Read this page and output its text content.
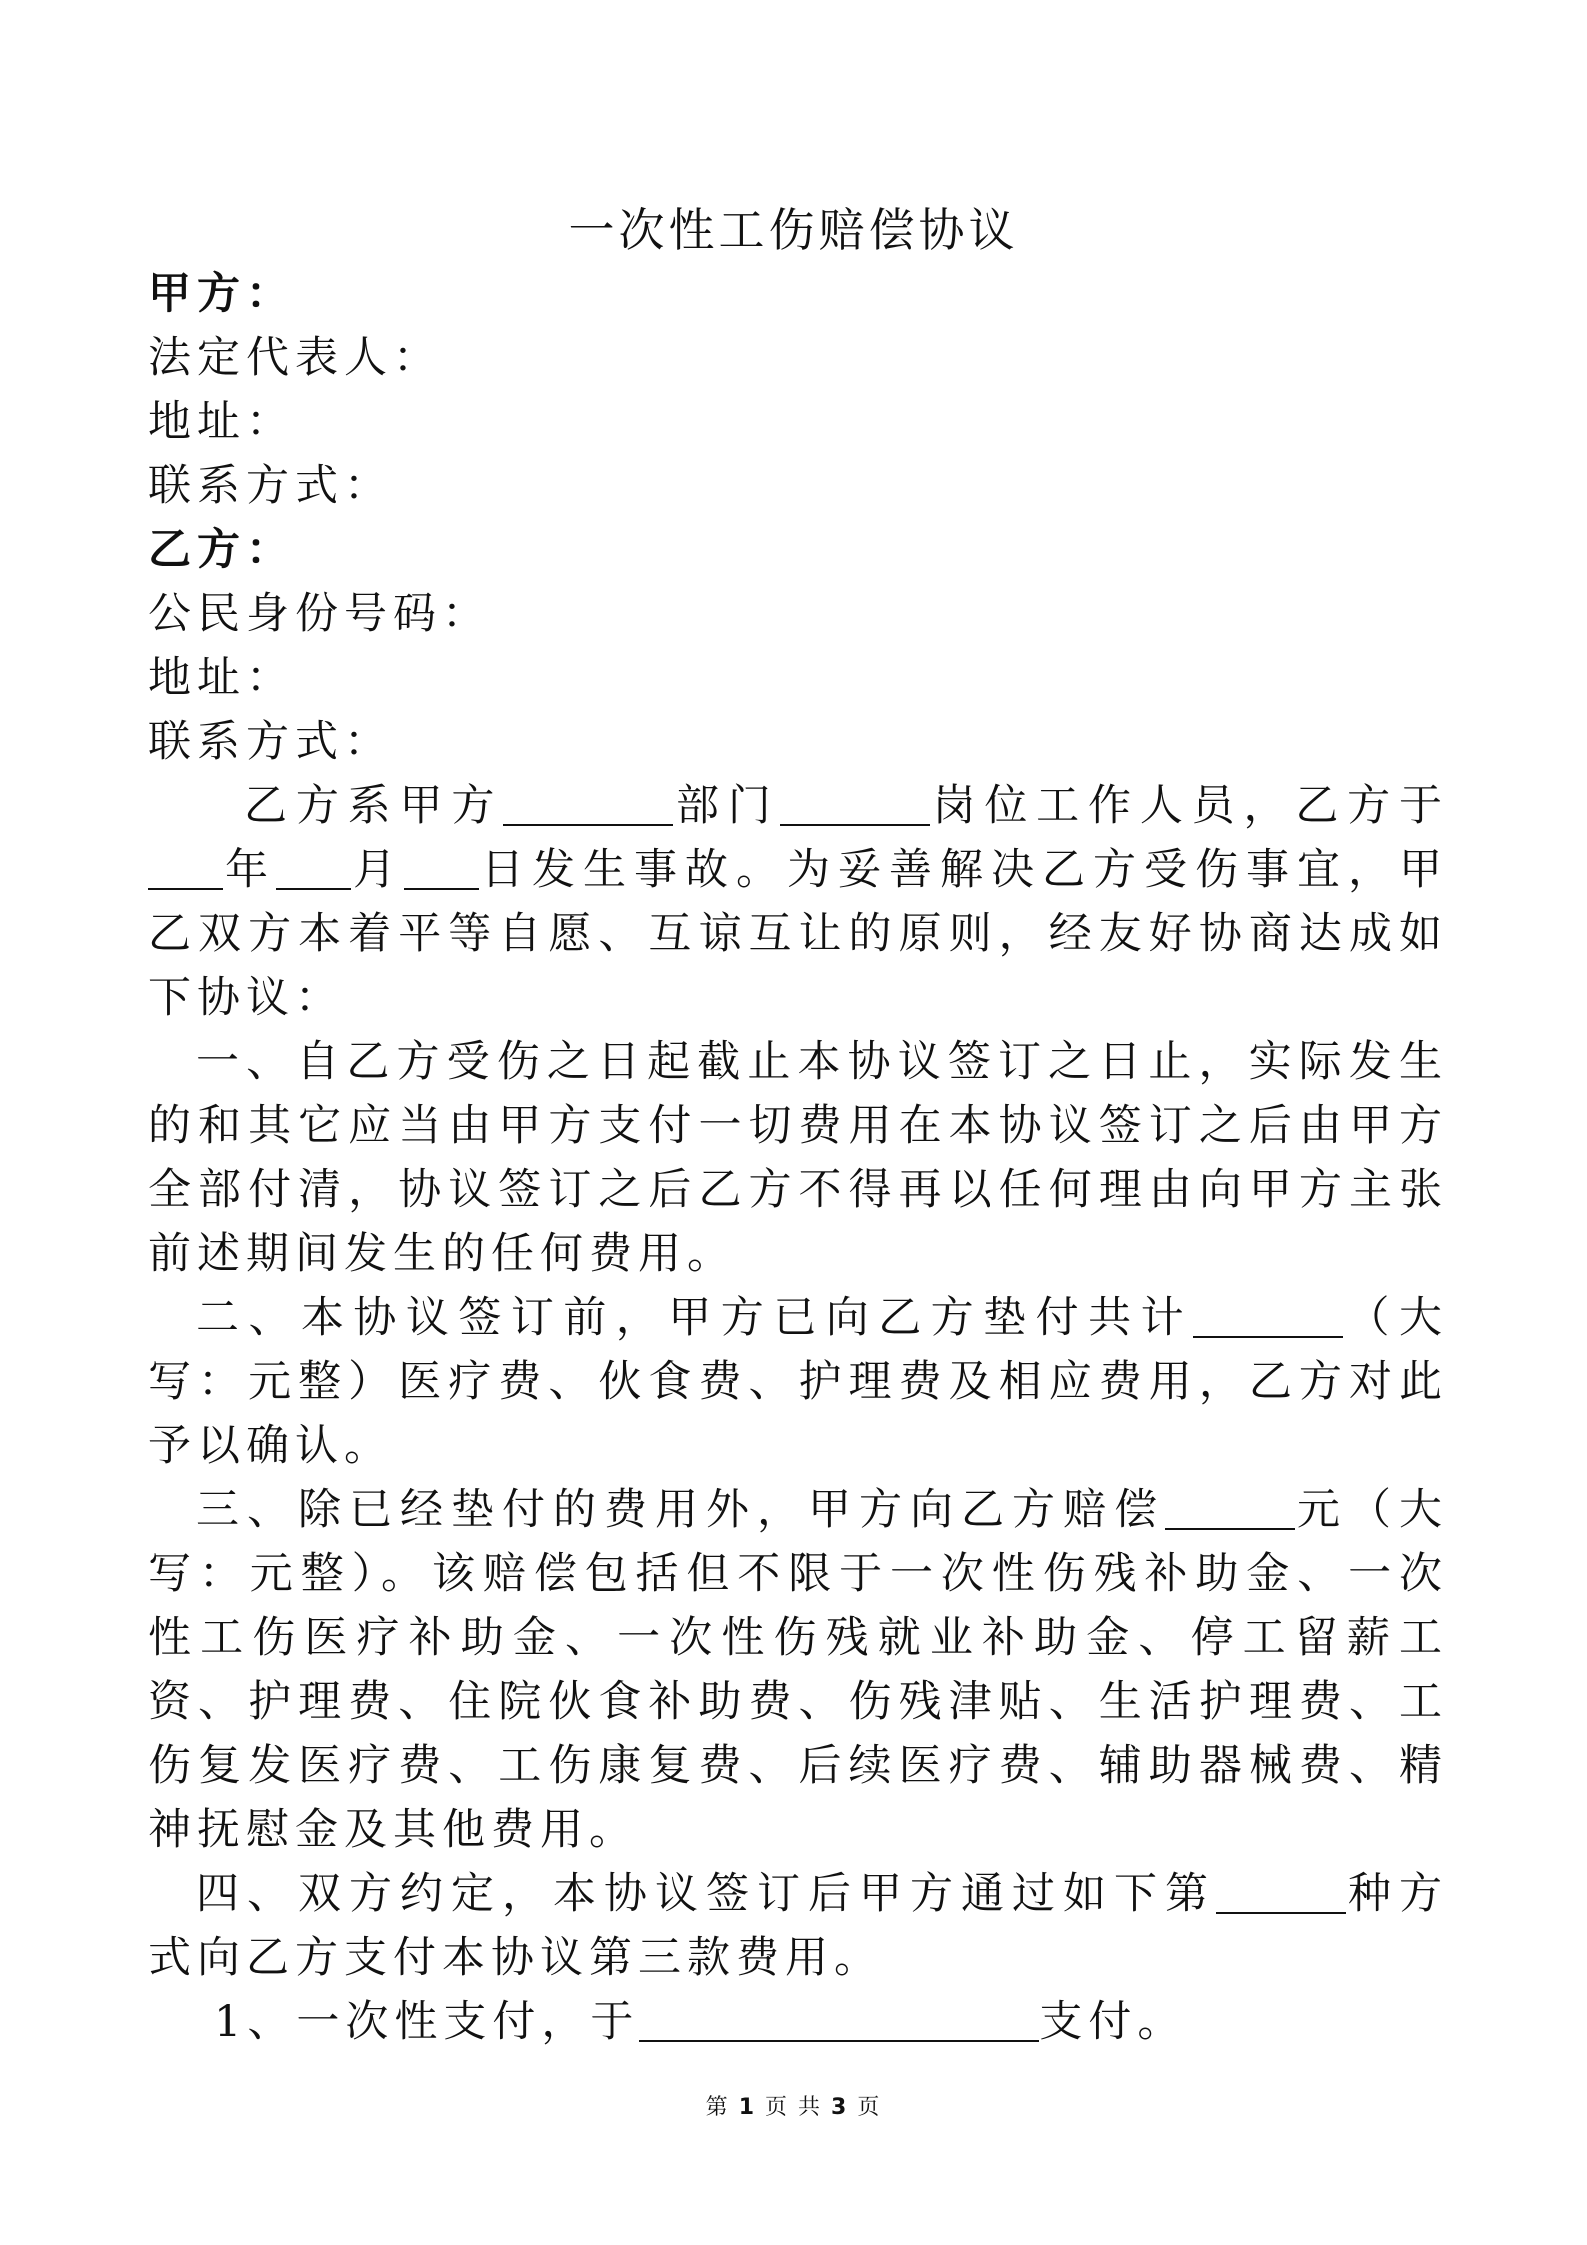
一次性工伤赔偿协议

甲方：

法定代表人：

地址：

联系方式：

乙方：

公民身份号码：

地址：

联系方式：

乙方系甲方	部门	岗位工作人员，乙方于年 月 日发生事故。为妥善解决乙方受伤事宜，甲乙双方本着平等自愿、互谅互让的原则，经友好协商达成如下协议：

一、自乙方受伤之日起截止本协议签订之日止，实际发生的和其它应当由甲方支付一切费用在本协议签订之后由甲方全部付清，协议签订之后乙方不得再以任何理由向甲方主张前述期间发生的任何费用。

二、本协议签订前，甲方已向乙方垫付共计	（大写：元整）医疗费、伙食费、护理费及相应费用，乙方对此予以确认。

三、除已经垫付的费用外，甲方向乙方赔偿	元（大写：元整）。该赔偿包括但不限于一次性伤残补助金、一次性工伤医疗补助金、一次性伤残就业补助金、停工留薪工资、护理费、住院伙食补助费、伤残津贴、生活护理费、工伤复发医疗费、工伤康复费、后续医疗费、辅助器械费、精神抚慰金及其他费用。

四、双方约定，本协议签订后甲方通过如下第	种方式向乙方支付本协议第三款费用。

1、一次性支付，于	支付。

第 1 页 共 3 页
